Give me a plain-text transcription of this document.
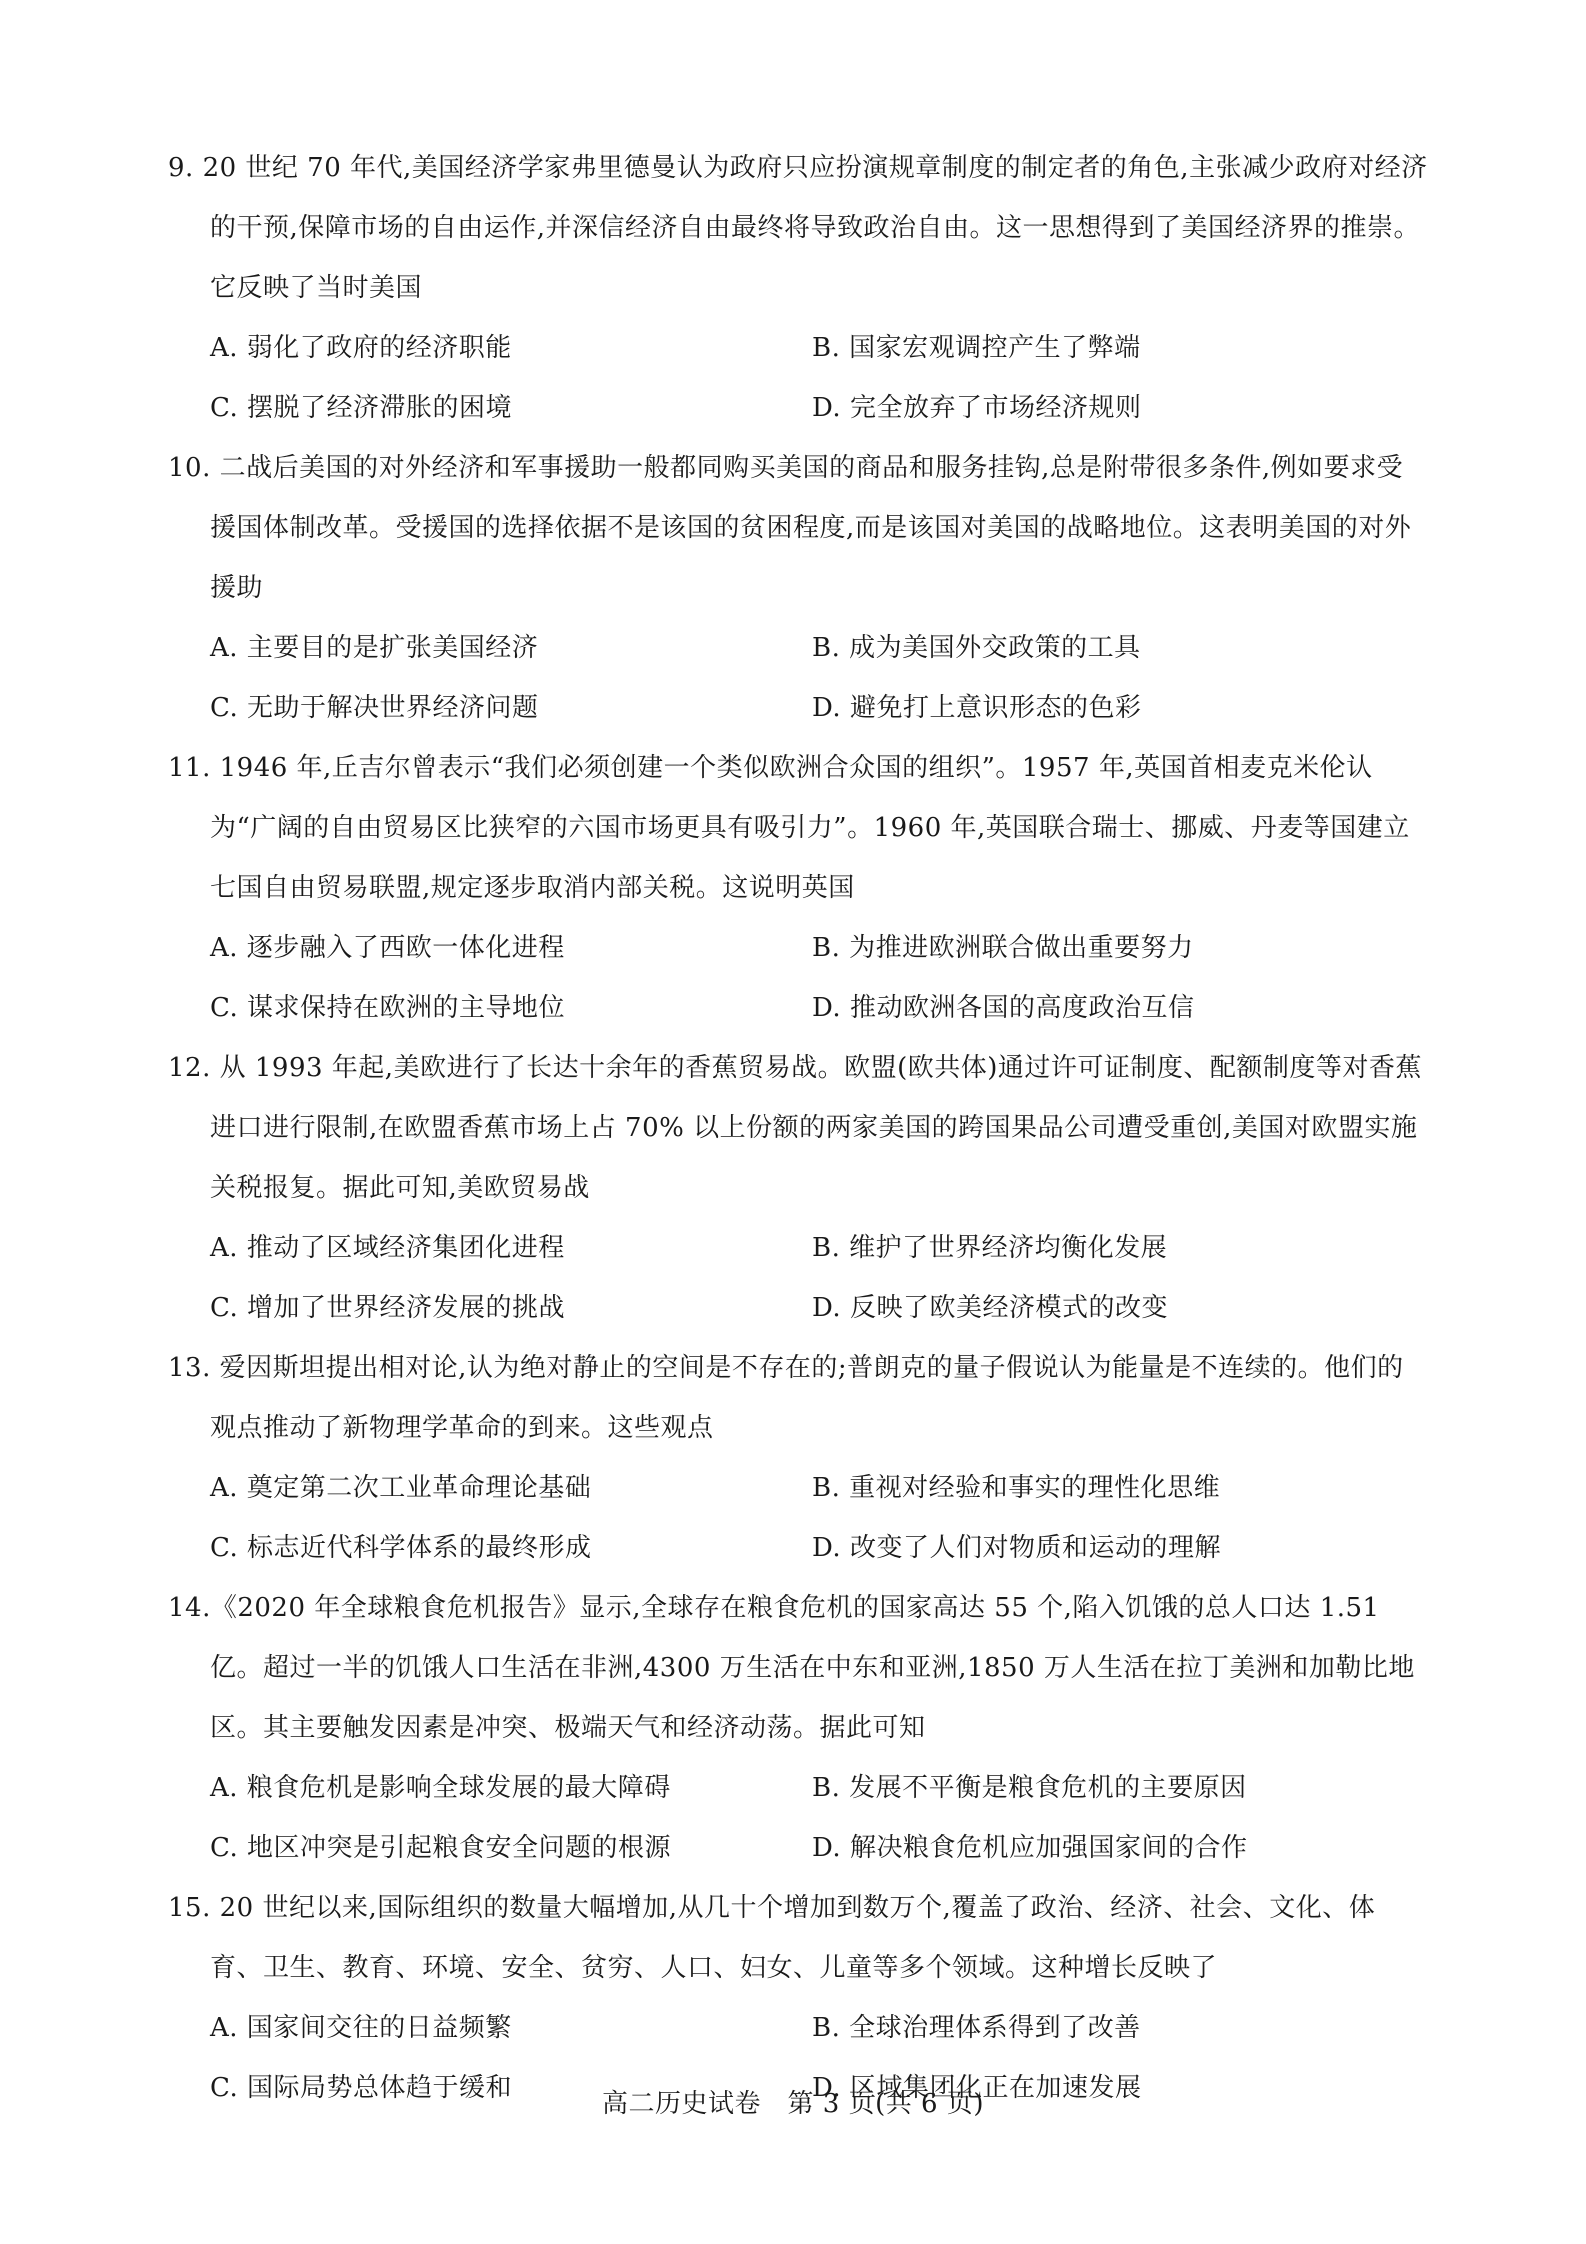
9. 20 世纪 70 年代,美国经济学家弗里德曼认为政府只应扮演规章制度的制定者的角色,主张减少政府对经济的干预,保障市场的自由运作,并深信经济自由最终将导致政治自由。这一思想得到了美国经济界的推崇。它反映了当时美国

A. 弱化了政府的经济职能	B. 国家宏观调控产生了弊端
C. 摆脱了经济滞胀的困境	D. 完全放弃了市场经济规则

10. 二战后美国的对外经济和军事援助一般都同购买美国的商品和服务挂钩,总是附带很多条件,例如要求受援国体制改革。受援国的选择依据不是该国的贫困程度,而是该国对美国的战略地位。这表明美国的对外援助

A. 主要目的是扩张美国经济	B. 成为美国外交政策的工具
C. 无助于解决世界经济问题	D. 避免打上意识形态的色彩

11. 1946 年,丘吉尔曾表示“我们必须创建一个类似欧洲合众国的组织”。1957 年,英国首相麦克米伦认为“广阔的自由贸易区比狭窄的六国市场更具有吸引力”。1960 年,英国联合瑞士、挪威、丹麦等国建立七国自由贸易联盟,规定逐步取消内部关税。这说明英国

A. 逐步融入了西欧一体化进程	B. 为推进欧洲联合做出重要努力
C. 谋求保持在欧洲的主导地位	D. 推动欧洲各国的高度政治互信

12. 从 1993 年起,美欧进行了长达十余年的香蕉贸易战。欧盟(欧共体)通过许可证制度、配额制度等对香蕉进口进行限制,在欧盟香蕉市场上占 70% 以上份额的两家美国的跨国果品公司遭受重创,美国对欧盟实施关税报复。据此可知,美欧贸易战

A. 推动了区域经济集团化进程	B. 维护了世界经济均衡化发展
C. 增加了世界经济发展的挑战	D. 反映了欧美经济模式的改变

13. 爱因斯坦提出相对论,认为绝对静止的空间是不存在的;普朗克的量子假说认为能量是不连续的。他们的观点推动了新物理学革命的到来。这些观点

A. 奠定第二次工业革命理论基础	B. 重视对经验和事实的理性化思维
C. 标志近代科学体系的最终形成	D. 改变了人们对物质和运动的理解

14.《2020 年全球粮食危机报告》显示,全球存在粮食危机的国家高达 55 个,陷入饥饿的总人口达 1.51 亿。超过一半的饥饿人口生活在非洲,4300 万生活在中东和亚洲,1850 万人生活在拉丁美洲和加勒比地区。其主要触发因素是冲突、极端天气和经济动荡。据此可知

A. 粮食危机是影响全球发展的最大障碍	B. 发展不平衡是粮食危机的主要原因
C. 地区冲突是引起粮食安全问题的根源	D. 解决粮食危机应加强国家间的合作

15. 20 世纪以来,国际组织的数量大幅增加,从几十个增加到数万个,覆盖了政治、经济、社会、文化、体育、卫生、教育、环境、安全、贫穷、人口、妇女、儿童等多个领域。这种增长反映了

A. 国家间交往的日益频繁	B. 全球治理体系得到了改善
C. 国际局势总体趋于缓和	D. 区域集团化正在加速发展
高二历史试卷　第 3 页(共 6 页)
